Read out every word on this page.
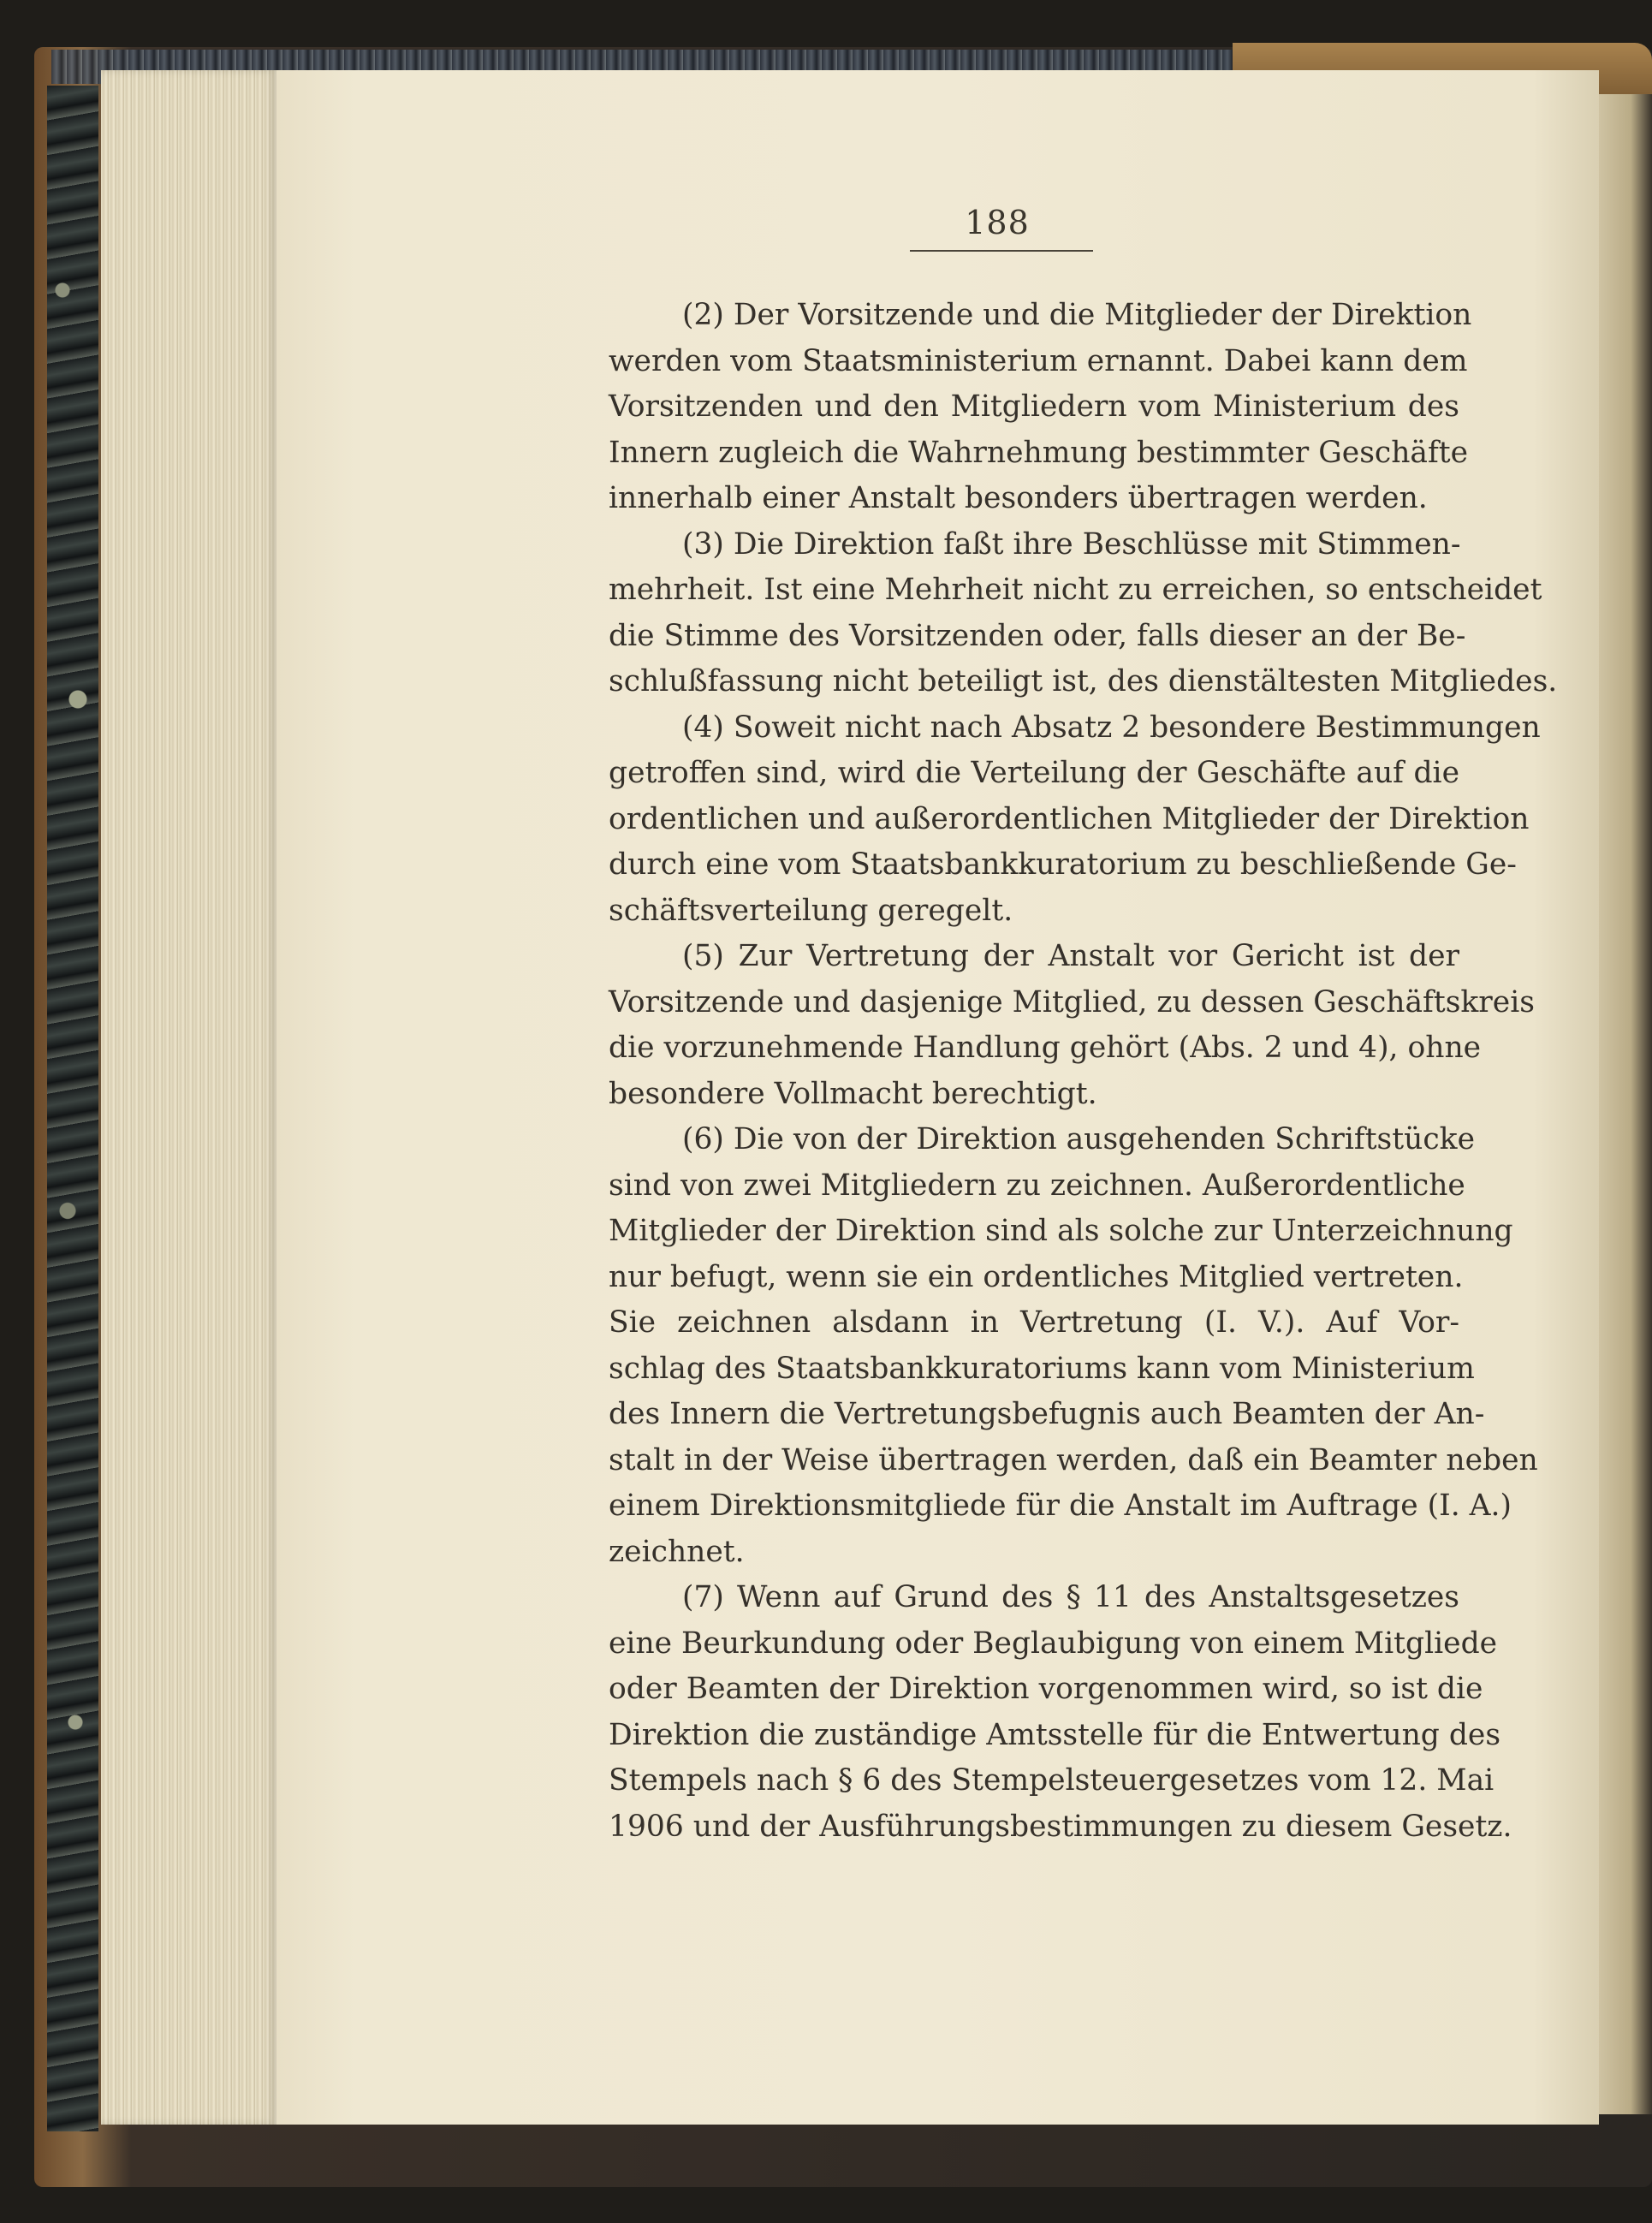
188
(2) Der Vorsitzende und die Mitglieder der Direktion
werden vom Staatsministerium ernannt. Dabei kann dem
Vorsitzenden und den Mitgliedern vom Ministerium des
Innern zugleich die Wahrnehmung bestimmter Geschäfte
innerhalb einer Anstalt besonders übertragen werden.
(3) Die Direktion faßt ihre Beschlüsse mit Stimmen-
mehrheit. Ist eine Mehrheit nicht zu erreichen, so entscheidet
die Stimme des Vorsitzenden oder, falls dieser an der Be-
schlußfassung nicht beteiligt ist, des dienstältesten Mitgliedes.
(4) Soweit nicht nach Absatz 2 besondere Bestimmungen
getroffen sind, wird die Verteilung der Geschäfte auf die
ordentlichen und außerordentlichen Mitglieder der Direktion
durch eine vom Staatsbankkuratorium zu beschließende Ge-
schäftsverteilung geregelt.
(5) Zur Vertretung der Anstalt vor Gericht ist der
Vorsitzende und dasjenige Mitglied, zu dessen Geschäftskreis
die vorzunehmende Handlung gehört (Abs. 2 und 4), ohne
besondere Vollmacht berechtigt.
(6) Die von der Direktion ausgehenden Schriftstücke
sind von zwei Mitgliedern zu zeichnen. Außerordentliche
Mitglieder der Direktion sind als solche zur Unterzeichnung
nur befugt, wenn sie ein ordentliches Mitglied vertreten.
Sie zeichnen alsdann in Vertretung (I. V.). Auf Vor-
schlag des Staatsbankkuratoriums kann vom Ministerium
des Innern die Vertretungsbefugnis auch Beamten der An-
stalt in der Weise übertragen werden, daß ein Beamter neben
einem Direktionsmitgliede für die Anstalt im Auftrage (I. A.)
zeichnet.
(7) Wenn auf Grund des § 11 des Anstaltsgesetzes
eine Beurkundung oder Beglaubigung von einem Mitgliede
oder Beamten der Direktion vorgenommen wird, so ist die
Direktion die zuständige Amtsstelle für die Entwertung des
Stempels nach § 6 des Stempelsteuergesetzes vom 12. Mai
1906 und der Ausführungsbestimmungen zu diesem Gesetz.
